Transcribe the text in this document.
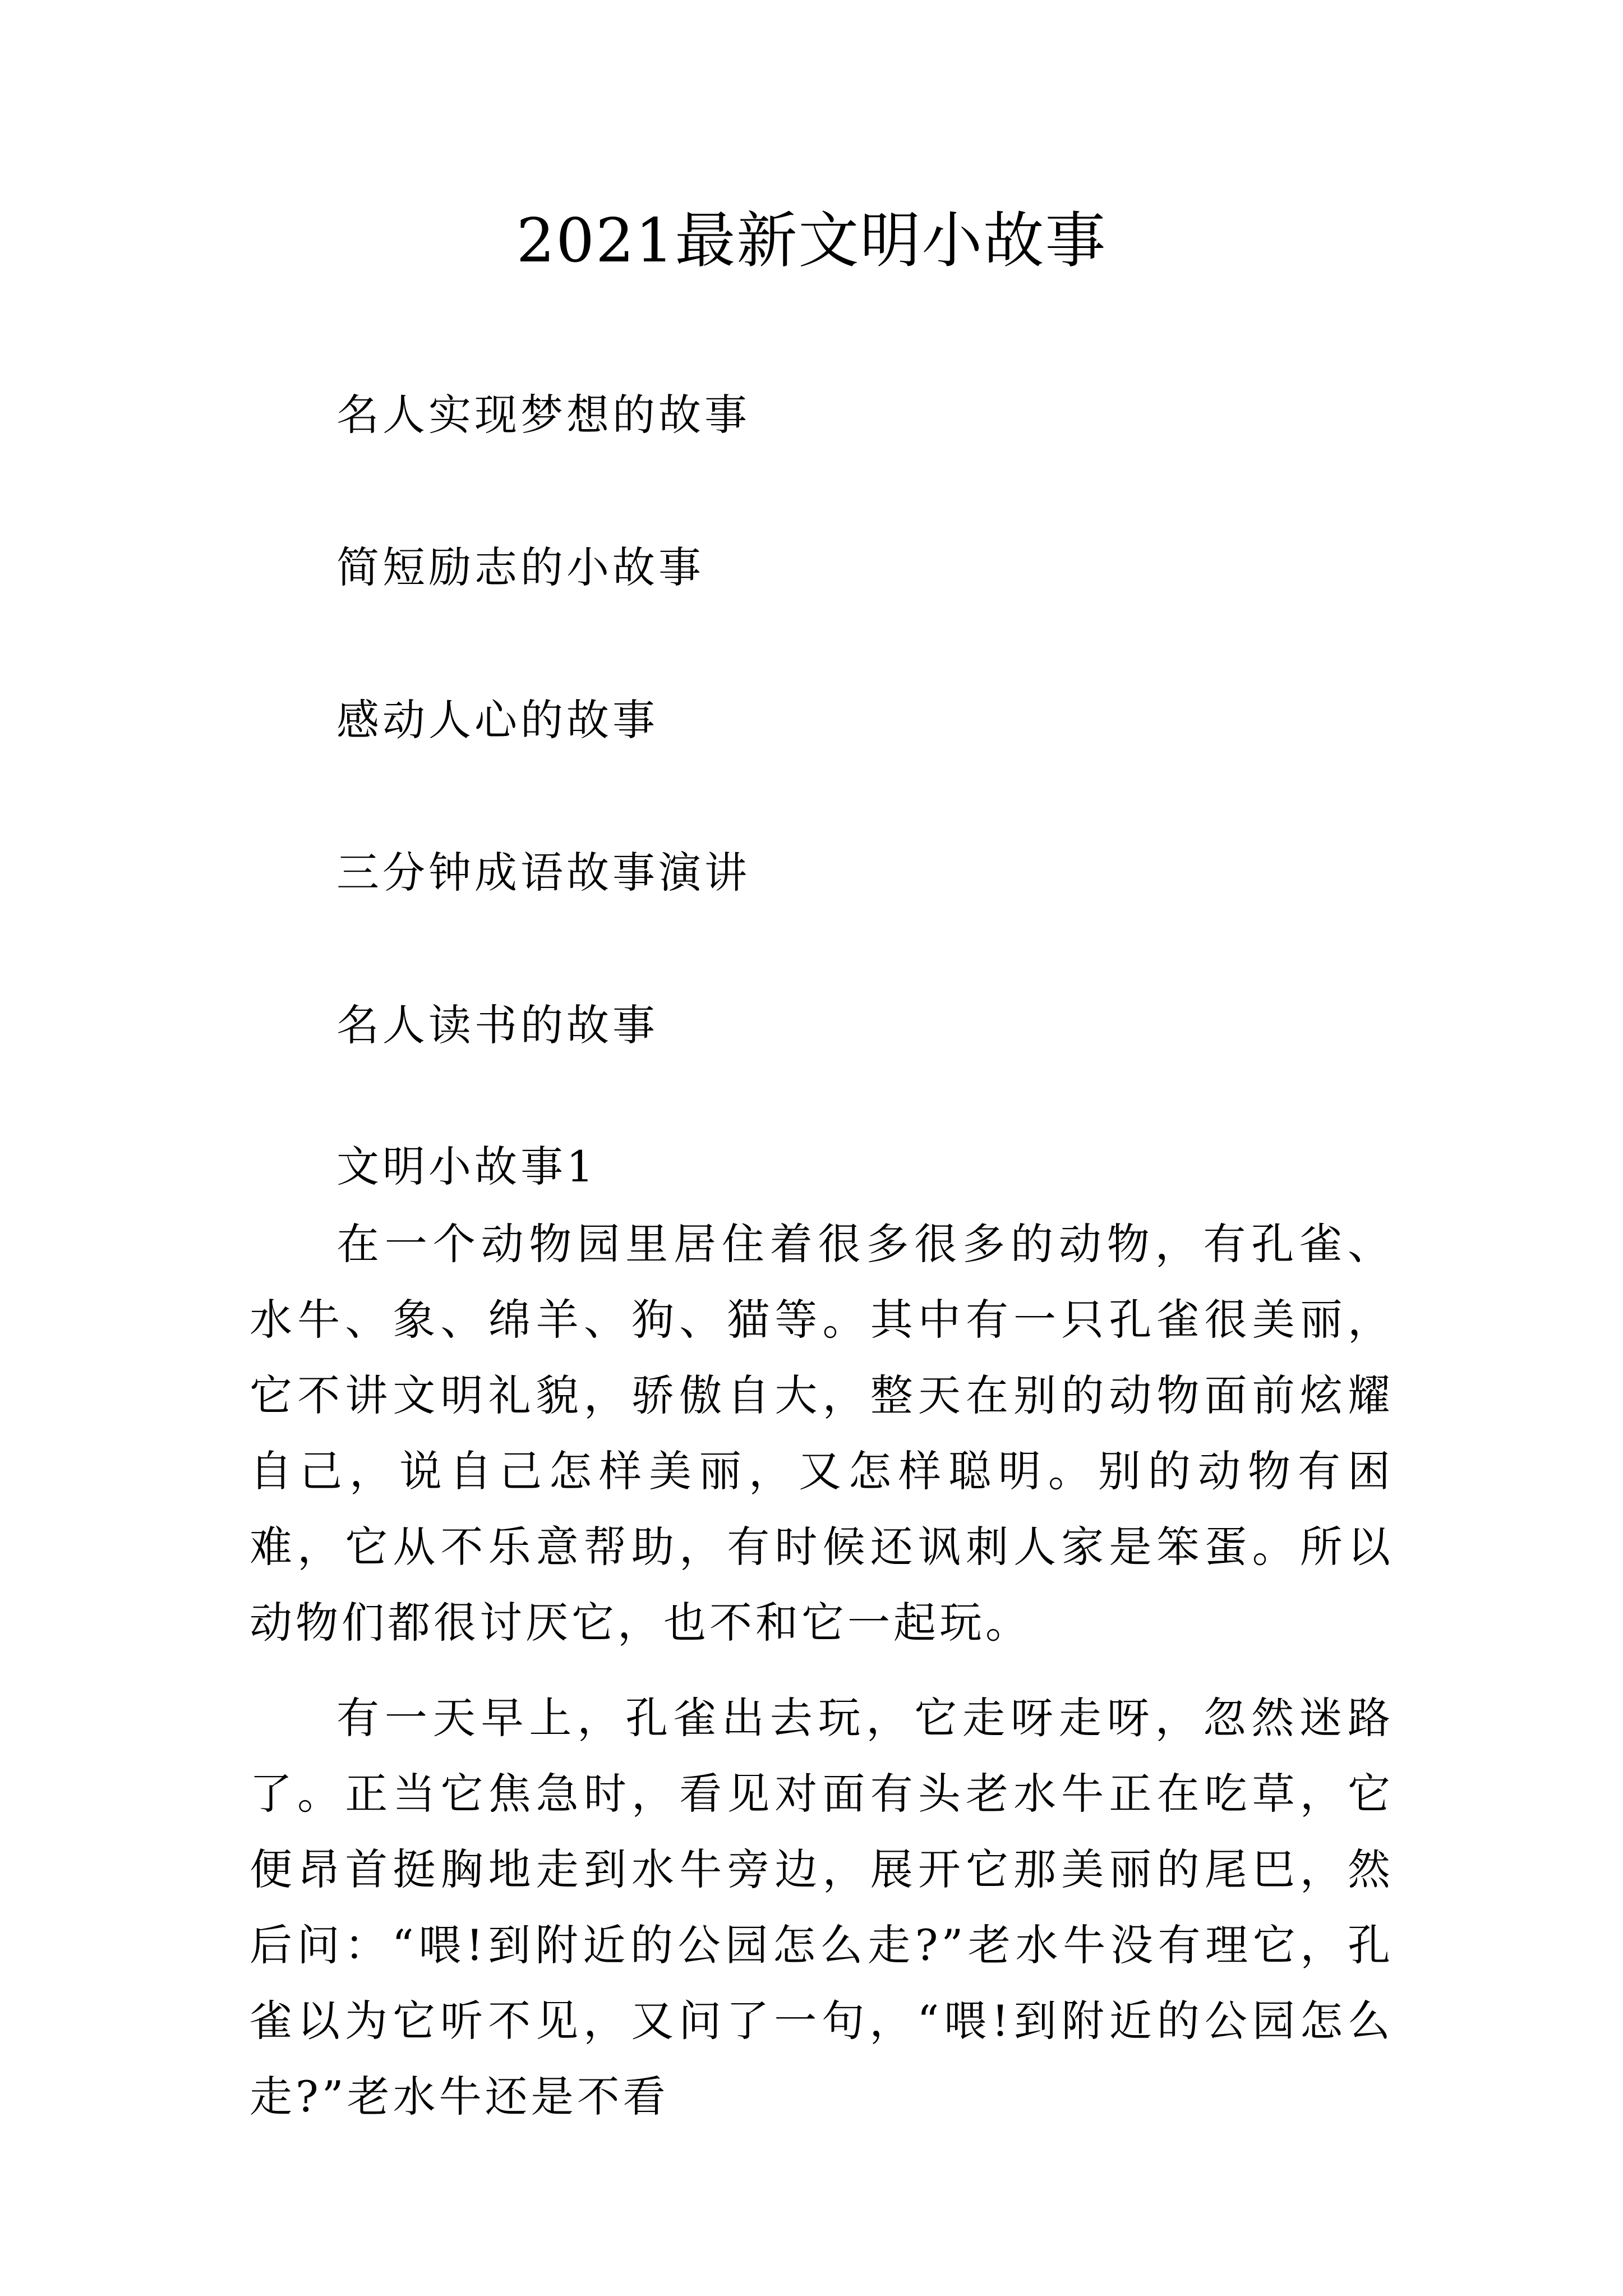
2021最新文明小故事
名人实现梦想的故事
简短励志的小故事
感动人心的故事
三分钟成语故事演讲
名人读书的故事
文明小故事1

在一个动物园里居住着很多很多的动物，有孔雀、水牛、象、绵羊、狗、猫等。其中有一只孔雀很美丽，它不讲文明礼貌，骄傲自大，整天在别的动物面前炫耀自己，说自己怎样美丽，又怎样聪明。别的动物有困难，它从不乐意帮助，有时候还讽刺人家是笨蛋。所以动物们都很讨厌它，也不和它一起玩。

有一天早上，孔雀出去玩，它走呀走呀，忽然迷路了。正当它焦急时，看见对面有头老水牛正在吃草，它便昂首挺胸地走到水牛旁边，展开它那美丽的尾巴，然后问：“喂!到附近的公园怎么走?”老水牛没有理它，孔雀以为它听不见，又问了一句，“喂!到附近的公园怎么走?”老水牛还是不看
